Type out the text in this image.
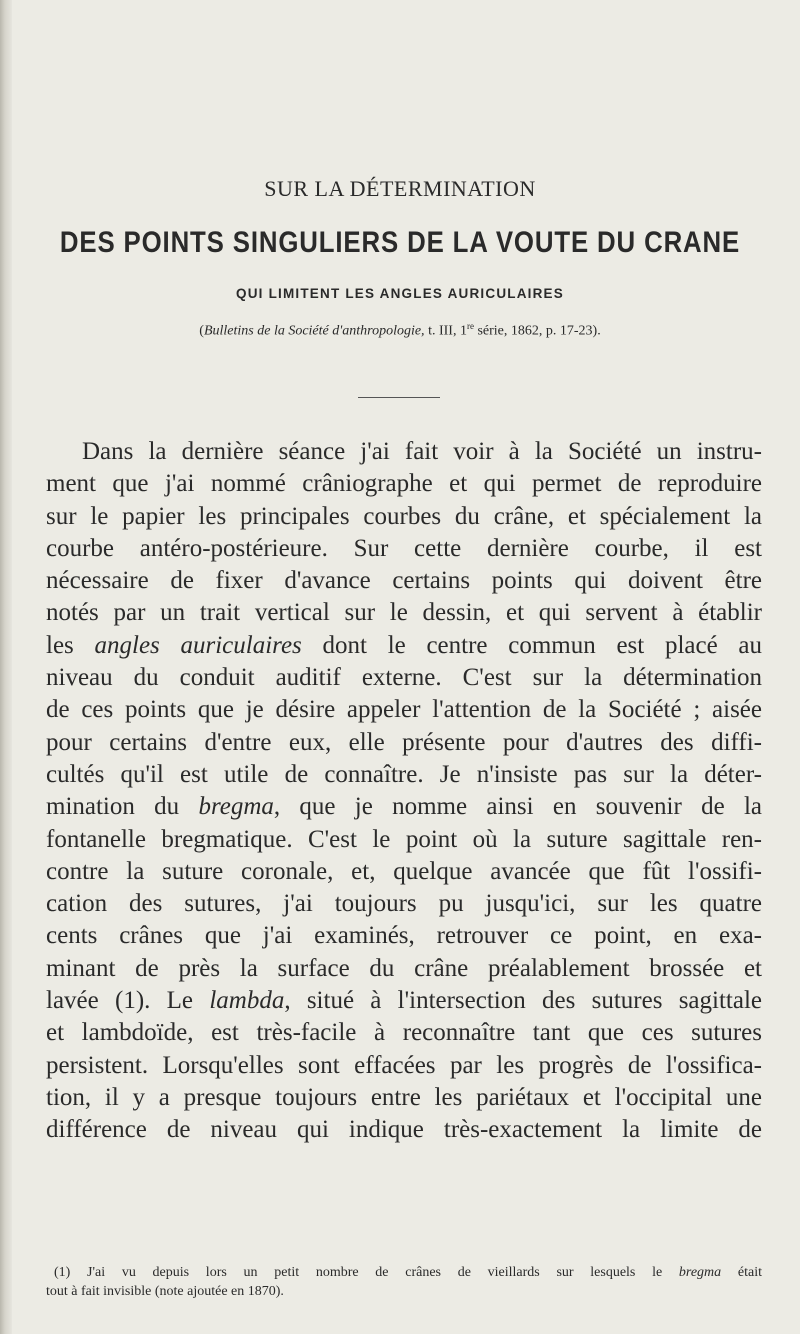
SUR LA DÉTERMINATION
DES POINTS SINGULIERS DE LA VOUTE DU CRANE
QUI LIMITENT LES ANGLES AURICULAIRES
(Bulletins de la Société d'anthropologie, t. III, 1re série, 1862, p. 17-23).
Dans la dernière séance j'ai fait voir à la Société un instru-
ment que j'ai nommé crâniographe et qui permet de reproduire
sur le papier les principales courbes du crâne, et spécialement la
courbe antéro-postérieure. Sur cette dernière courbe, il est
nécessaire de fixer d'avance certains points qui doivent être
notés par un trait vertical sur le dessin, et qui servent à établir
les angles auriculaires dont le centre commun est placé au
niveau du conduit auditif externe. C'est sur la détermination
de ces points que je désire appeler l'attention de la Société ; aisée
pour certains d'entre eux, elle présente pour d'autres des diffi-
cultés qu'il est utile de connaître. Je n'insiste pas sur la déter-
mination du bregma, que je nomme ainsi en souvenir de la
fontanelle bregmatique. C'est le point où la suture sagittale ren-
contre la suture coronale, et, quelque avancée que fût l'ossifi-
cation des sutures, j'ai toujours pu jusqu'ici, sur les quatre
cents crânes que j'ai examinés, retrouver ce point, en exa-
minant de près la surface du crâne préalablement brossée et
lavée (1). Le lambda, situé à l'intersection des sutures sagittale
et lambdoïde, est très-facile à reconnaître tant que ces sutures
persistent. Lorsqu'elles sont effacées par les progrès de l'ossifica-
tion, il y a presque toujours entre les pariétaux et l'occipital une
différence de niveau qui indique très-exactement la limite de
(1) J'ai vu depuis lors un petit nombre de crânes de vieillards sur lesquels le bregma était
tout à fait invisible (note ajoutée en 1870).
